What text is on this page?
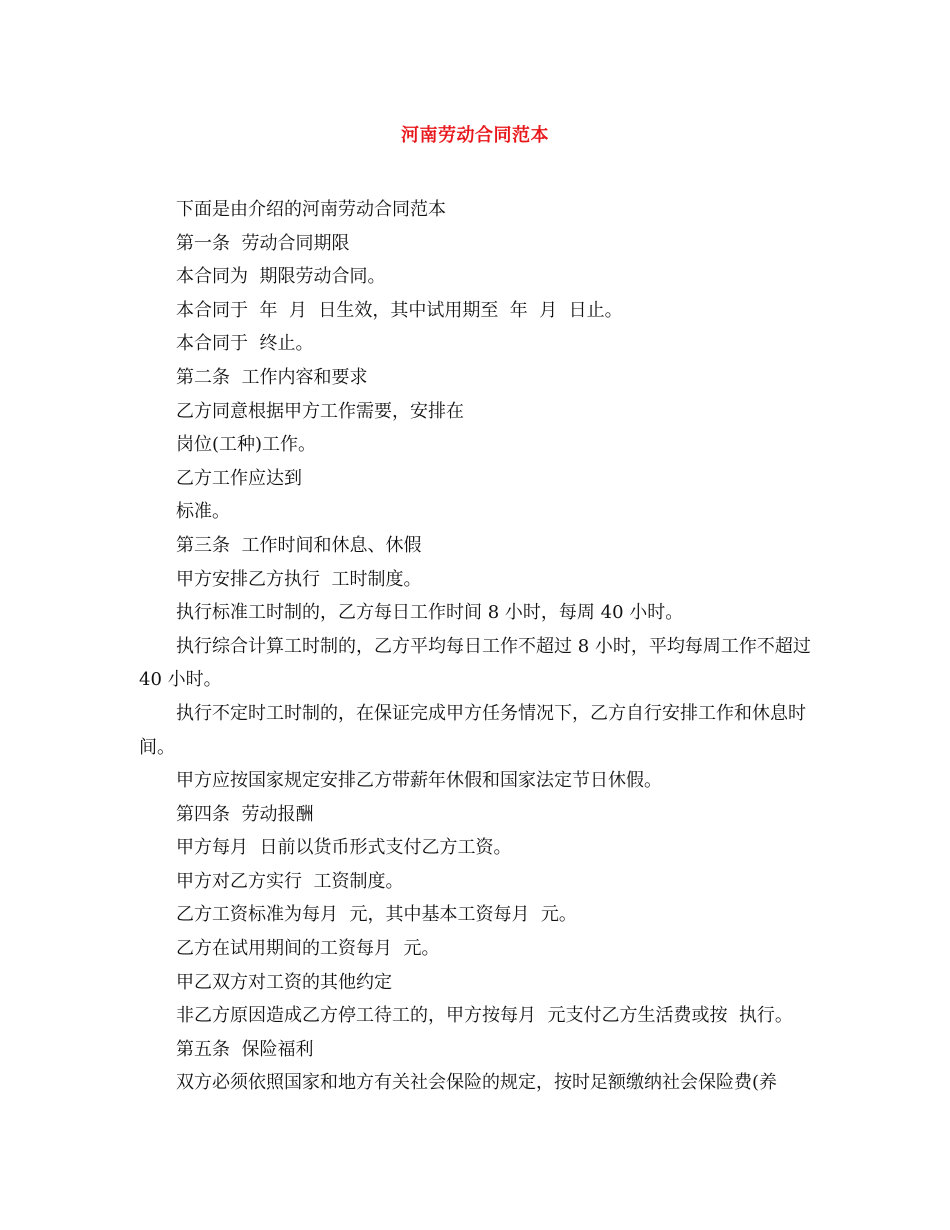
河南劳动合同范本

下面是由介绍的河南劳动合同范本

第一条  劳动合同期限

本合同为  期限劳动合同。

本合同于  年  月  日生效，其中试用期至  年  月  日止。

本合同于  终止。

第二条  工作内容和要求

乙方同意根据甲方工作需要，安排在

岗位(工种)工作。

乙方工作应达到

标准。

第三条  工作时间和休息、休假

甲方安排乙方执行  工时制度。

执行标准工时制的，乙方每日工作时间 8 小时，每周 40 小时。

执行综合计算工时制的，乙方平均每日工作不超过 8 小时，平均每周工作不超过 40 小时。

执行不定时工时制的，在保证完成甲方任务情况下，乙方自行安排工作和休息时间。

甲方应按国家规定安排乙方带薪年休假和国家法定节日休假。

第四条  劳动报酬

甲方每月  日前以货币形式支付乙方工资。

甲方对乙方实行  工资制度。

乙方工资标准为每月  元，其中基本工资每月  元。

乙方在试用期间的工资每月  元。

甲乙双方对工资的其他约定

非乙方原因造成乙方停工待工的，甲方按每月  元支付乙方生活费或按  执行。

第五条  保险福利

双方必须依照国家和地方有关社会保险的规定，按时足额缴纳社会保险费(养
